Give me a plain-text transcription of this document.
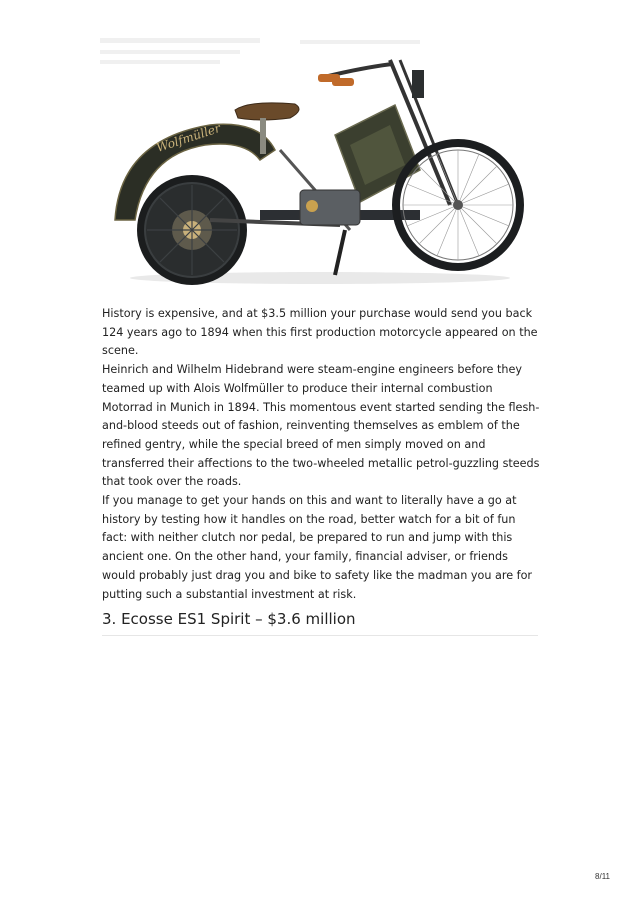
Wolfmüller

History is expensive, and at $3.5 million your purchase would send you back 124 years ago to 1894 when this first production motorcycle appeared on the scene.

Heinrich and Wilhelm Hidebrand were steam-engine engineers before they teamed up with Alois Wolfmüller to produce their internal combustion Motorrad in Munich in 1894. This momentous event started sending the flesh-and-blood steeds out of fashion, reinventing themselves as emblem of the refined gentry, while the special breed of men simply moved on and transferred their affections to the two-wheeled metallic petrol-guzzling steeds that took over the roads.

If you manage to get your hands on this and want to literally have a go at history by testing how it handles on the road, better watch for a bit of fun fact: with neither clutch nor pedal, be prepared to run and jump with this ancient one. On the other hand, your family, financial adviser, or friends would probably just drag you and bike to safety like the madman you are for putting such a substantial investment at risk.

3. Ecosse ES1 Spirit – $3.6 million
8/11
